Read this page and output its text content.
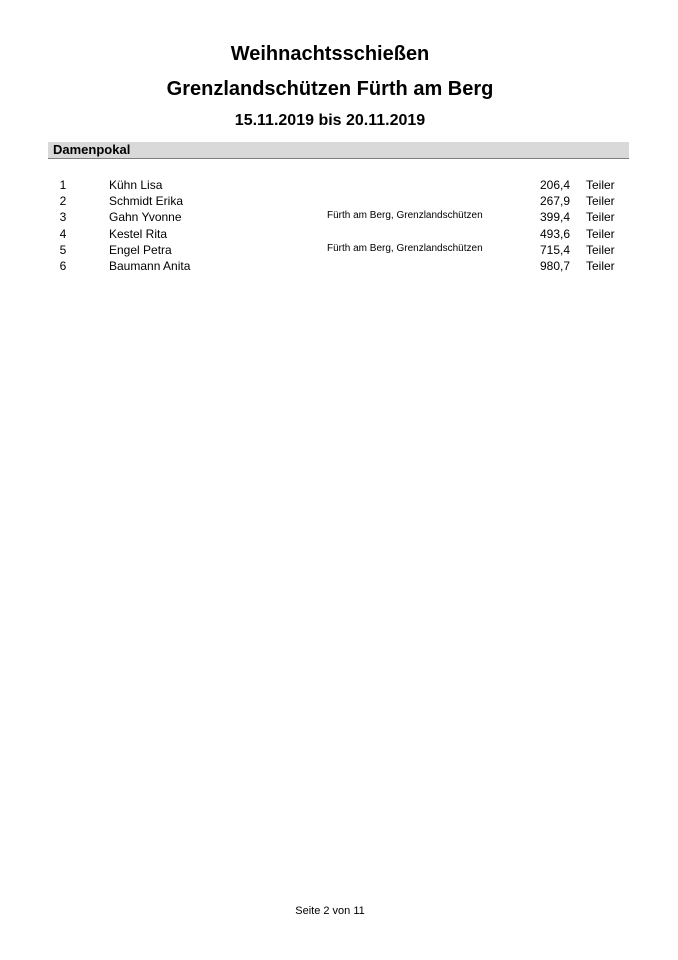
Weihnachtsschießen
Grenzlandschützen Fürth am Berg
15.11.2019 bis 20.11.2019
Damenpokal
1	Kühn Lisa	206,4 Teiler
2	Schmidt Erika	267,9 Teiler
3	Gahn Yvonne	Fürth am Berg, Grenzlandschützen	399,4 Teiler
4	Kestel Rita	493,6 Teiler
5	Engel Petra	Fürth am Berg, Grenzlandschützen	715,4 Teiler
6	Baumann Anita	980,7 Teiler
Seite 2 von 11
